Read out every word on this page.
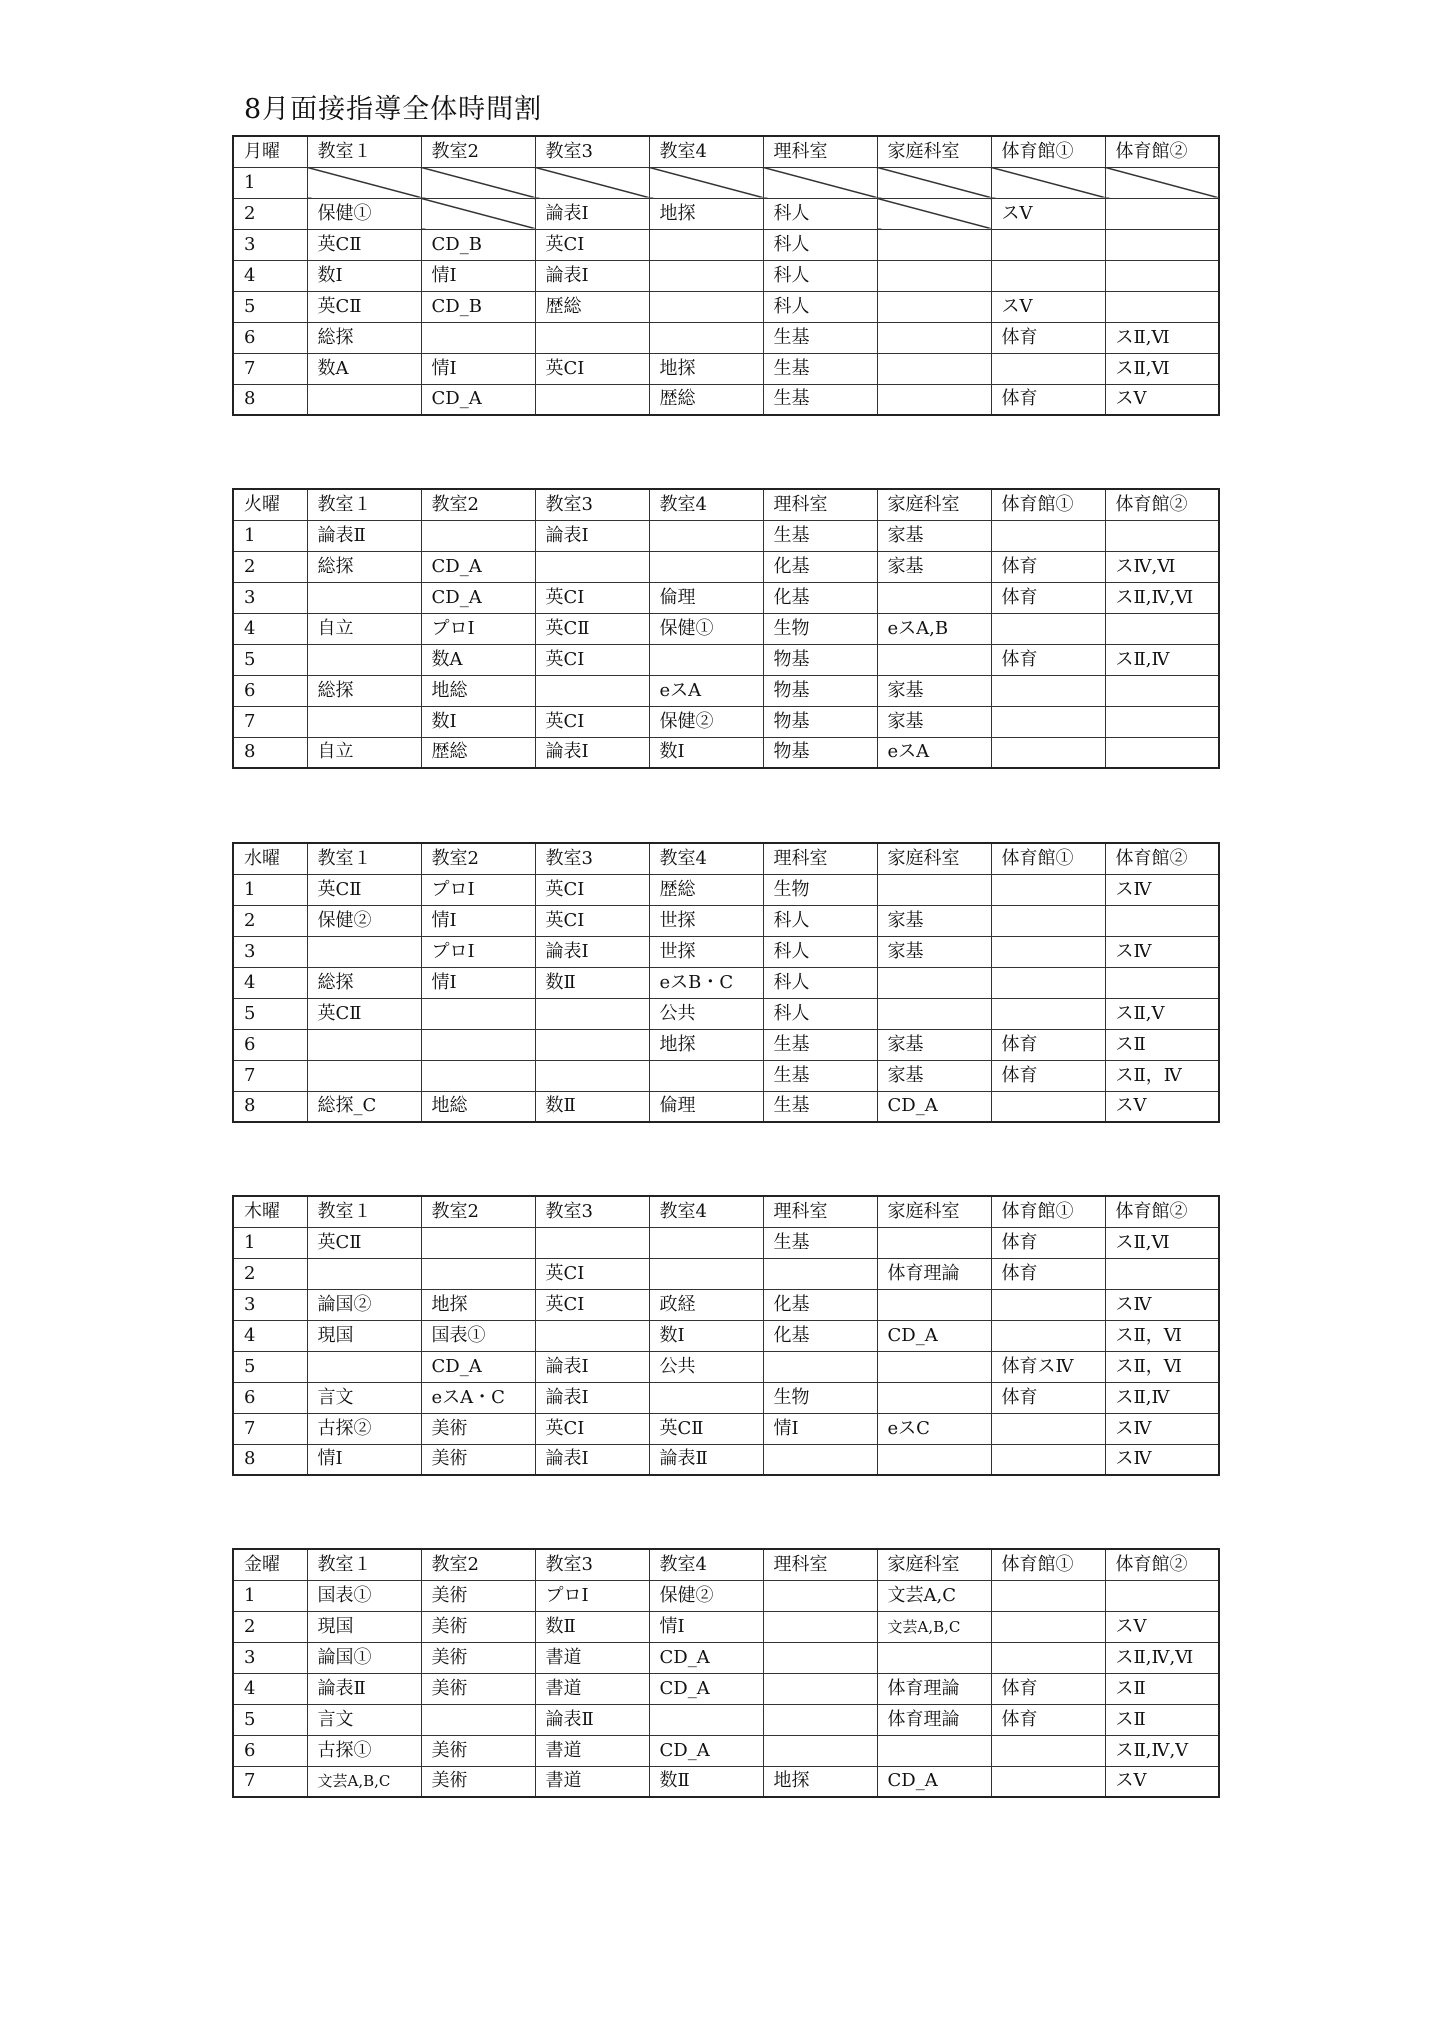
8月面接指導全体時間割
月曜	教室１	教室2	教室3	教室4	理科室	家庭科室	体育館①	体育館②
1								
2	保健①		論表Ⅰ	地探	科人		スⅤ	
3	英CⅡ	CD_B	英CⅠ		科人			
4	数Ⅰ	情Ⅰ	論表Ⅰ		科人			
5	英CⅡ	CD_B	歴総		科人		スⅤ	
6	総探				生基		体育	スⅡ,Ⅵ
7	数A	情Ⅰ	英CⅠ	地探	生基			スⅡ,Ⅵ
8		CD_A		歴総	生基		体育	スⅤ
火曜	教室１	教室2	教室3	教室4	理科室	家庭科室	体育館①	体育館②
1	論表Ⅱ		論表Ⅰ		生基	家基		
2	総探	CD_A			化基	家基	体育	スⅣ,Ⅵ
3		CD_A	英CⅠ	倫理	化基		体育	スⅡ,Ⅳ,Ⅵ
4	自立	プロⅠ	英CⅡ	保健①	生物	eスA,B		
5		数A	英CⅠ		物基		体育	スⅡ,Ⅳ
6	総探	地総		eスA	物基	家基		
7		数Ⅰ	英CⅠ	保健②	物基	家基		
8	自立	歴総	論表Ⅰ	数Ⅰ	物基	eスA		
水曜	教室１	教室2	教室3	教室4	理科室	家庭科室	体育館①	体育館②
1	英CⅡ	プロⅠ	英CⅠ	歴総	生物			スⅣ
2	保健②	情Ⅰ	英CⅠ	世探	科人	家基		
3		プロⅠ	論表Ⅰ	世探	科人	家基		スⅣ
4	総探	情Ⅰ	数Ⅱ	eスB・C	科人			
5	英CⅡ			公共	科人			スⅡ,Ⅴ
6				地探	生基	家基	体育	スⅡ
7					生基	家基	体育	スⅡ，Ⅳ
8	総探_C	地総	数Ⅱ	倫理	生基	CD_A		スⅤ
木曜	教室１	教室2	教室3	教室4	理科室	家庭科室	体育館①	体育館②
1	英CⅡ				生基		体育	スⅡ,Ⅵ
2			英CⅠ			体育理論	体育	
3	論国②	地探	英CⅠ	政経	化基			スⅣ
4	現国	国表①		数Ⅰ	化基	CD_A		スⅡ，Ⅵ
5		CD_A	論表Ⅰ	公共			体育スⅣ	スⅡ，Ⅵ
6	言文	eスA・C	論表Ⅰ		生物		体育	スⅡ,Ⅳ
7	古探②	美術	英CⅠ	英CⅡ	情Ⅰ	eスC		スⅣ
8	情Ⅰ	美術	論表Ⅰ	論表Ⅱ				スⅣ
金曜	教室１	教室2	教室3	教室4	理科室	家庭科室	体育館①	体育館②
1	国表①	美術	プロⅠ	保健②		文芸A,C		
2	現国	美術	数Ⅱ	情Ⅰ		文芸A,B,C		スⅤ
3	論国①	美術	書道	CD_A				スⅡ,Ⅳ,Ⅵ
4	論表Ⅱ	美術	書道	CD_A		体育理論	体育	スⅡ
5	言文		論表Ⅱ			体育理論	体育	スⅡ
6	古探①	美術	書道	CD_A				スⅡ,Ⅳ,Ⅴ
7	文芸A,B,C	美術	書道	数Ⅱ	地探	CD_A		スⅤ
